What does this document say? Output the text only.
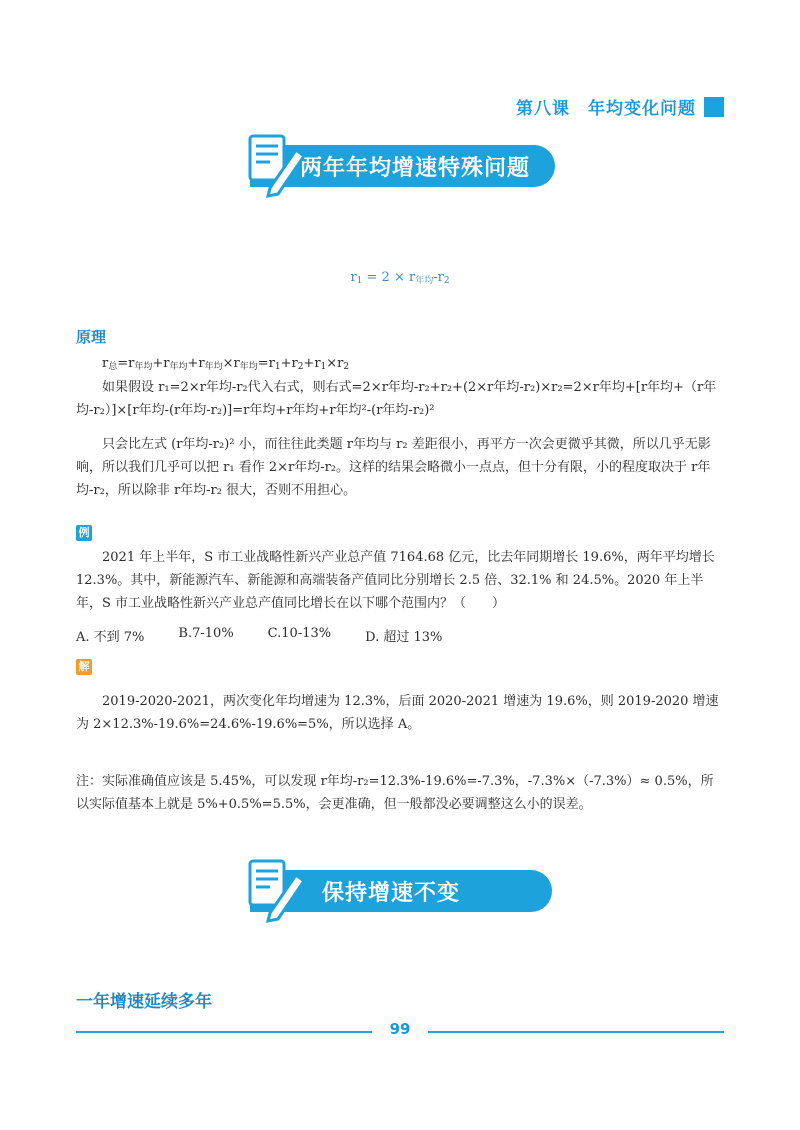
第八课　年均变化问题
两年年均增速特殊问题
$r_1 = 2 \times r_{年均}-r_2$
原理

$r_总=r_{年均}+r_{年均}+r_{年均}\times r_{年均}=r_1+r_2+r_1\times r_2$

如果假设 r₁=2×r年均-r₂代入右式，则右式=2×r年均-r₂+r₂+(2×r年均-r₂)×r₂=2×r年均+[r年均+（r年均-r₂）]×[r年均-(r年均-r₂)]=r年均+r年均+r年均²-(r年均-r₂)²

只会比左式 (r年均-r₂)² 小，而往往此类题 r年均与 r₂ 差距很小，再平方一次会更微乎其微，所以几乎无影响，所以我们几乎可以把 r₁ 看作 2×r年均-r₂。这样的结果会略微小一点点，但十分有限，小的程度取决于 r年均-r₂，所以除非 r年均-r₂ 很大，否则不用担心。

例

2021 年上半年，S 市工业战略性新兴产业总产值 7164.68 亿元，比去年同期增长 19.6%，两年平均增长 12.3%。其中，新能源汽车、新能源和高端装备产值同比分别增长 2.5 倍、32.1% 和 24.5%。2020 年上半年，S 市工业战略性新兴产业总产值同比增长在以下哪个范围内？（　　）

A. 不到 7%	B.7-10%	C.10-13%	D. 超过 13%
解

2019-2020-2021，两次变化年均增速为 12.3%，后面 2020-2021 增速为 19.6%，则 2019-2020 增速为 2×12.3%-19.6%=24.6%-19.6%=5%，所以选择 A。

注：实际准确值应该是 5.45%，可以发现 r年均-r₂=12.3%-19.6%=-7.3%，-7.3%×（-7.3%）≈ 0.5%，所以实际值基本上就是 5%+0.5%=5.5%，会更准确，但一般都没必要调整这么小的误差。

保持增速不变
一年增速延续多年
99
